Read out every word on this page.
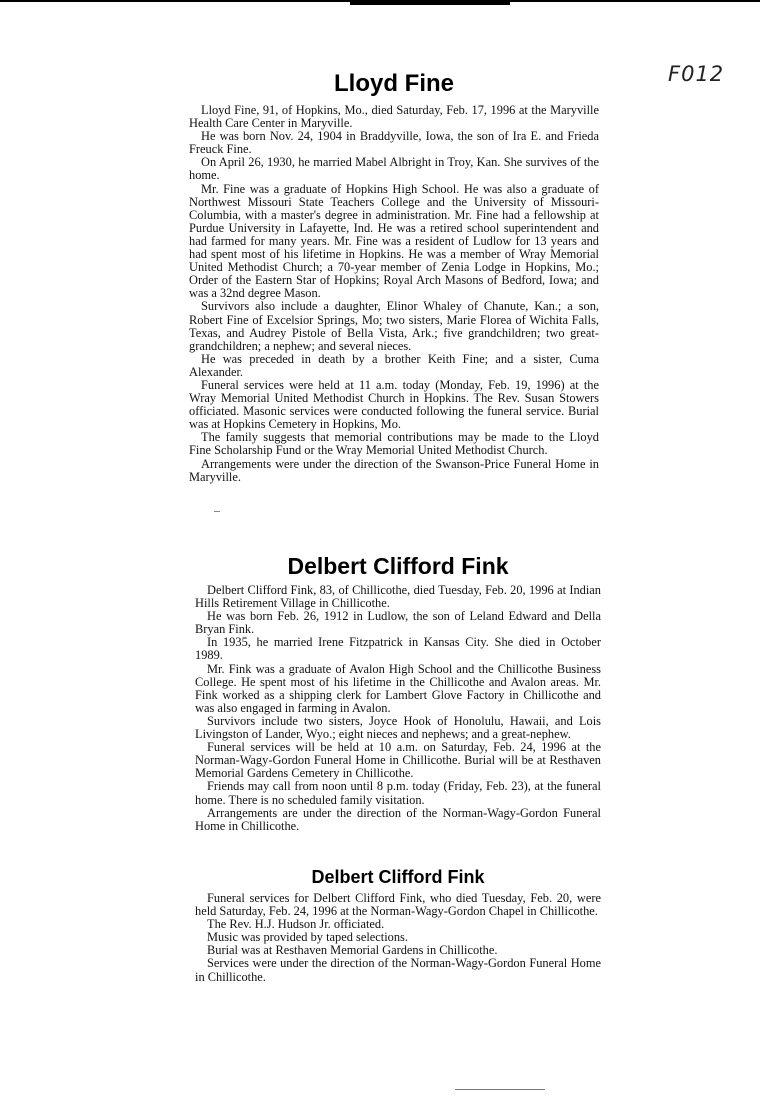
F012
Lloyd Fine

Lloyd Fine, 91, of Hopkins, Mo., died Saturday, Feb. 17, 1996 at the Maryville Health Care Center in Maryville.

He was born Nov. 24, 1904 in Braddyville, Iowa, the son of Ira E. and Frieda Freuck Fine.

On April 26, 1930, he married Mabel Albright in Troy, Kan. She survives of the home.

Mr. Fine was a graduate of Hopkins High School. He was also a graduate of Northwest Missouri State Teachers College and the University of Missouri-Columbia, with a master's degree in administration. Mr. Fine had a fellowship at Purdue University in Lafayette, Ind. He was a retired school superintendent and had farmed for many years. Mr. Fine was a resident of Ludlow for 13 years and had spent most of his lifetime in Hopkins. He was a member of Wray Memorial United Methodist Church; a 70-year member of Zenia Lodge in Hopkins, Mo.; Order of the Eastern Star of Hopkins; Royal Arch Masons of Bedford, Iowa; and was a 32nd degree Mason.

Survivors also include a daughter, Elinor Whaley of Chanute, Kan.; a son, Robert Fine of Excelsior Springs, Mo; two sisters, Marie Florea of Wichita Falls, Texas, and Audrey Pistole of Bella Vista, Ark.; five grandchildren; two great-grandchildren; a nephew; and several nieces.

He was preceded in death by a brother Keith Fine; and a sister, Cuma Alexander.

Funeral services were held at 11 a.m. today (Monday, Feb. 19, 1996) at the Wray Memorial United Methodist Church in Hopkins. The Rev. Susan Stowers officiated. Masonic services were conducted following the funeral service. Burial was at Hopkins Cemetery in Hopkins, Mo.

The family suggests that memorial contributions may be made to the Lloyd Fine Scholarship Fund or the Wray Memorial United Methodist Church.

Arrangements were under the direction of the Swanson-Price Funeral Home in Maryville.

Delbert Clifford Fink

Delbert Clifford Fink, 83, of Chillicothe, died Tuesday, Feb. 20, 1996 at Indian Hills Retirement Village in Chillicothe.

He was born Feb. 26, 1912 in Ludlow, the son of Leland Edward and Della Bryan Fink.

In 1935, he married Irene Fitzpatrick in Kansas City. She died in October 1989.

Mr. Fink was a graduate of Avalon High School and the Chillicothe Business College. He spent most of his lifetime in the Chillicothe and Avalon areas. Mr. Fink worked as a shipping clerk for Lambert Glove Factory in Chillicothe and was also engaged in farming in Avalon.

Survivors include two sisters, Joyce Hook of Honolulu, Hawaii, and Lois Livingston of Lander, Wyo.; eight nieces and nephews; and a great-nephew.

Funeral services will be held at 10 a.m. on Saturday, Feb. 24, 1996 at the Norman-Wagy-Gordon Funeral Home in Chillicothe. Burial will be at Resthaven Memorial Gardens Cemetery in Chillicothe.

Friends may call from noon until 8 p.m. today (Friday, Feb. 23), at the funeral home. There is no scheduled family visitation.

Arrangements are under the direction of the Norman-Wagy-Gordon Funeral Home in Chillicothe.

Delbert Clifford Fink

Funeral services for Delbert Clifford Fink, who died Tuesday, Feb. 20, were held Saturday, Feb. 24, 1996 at the Norman-Wagy-Gordon Chapel in Chillicothe.

The Rev. H.J. Hudson Jr. officiated.

Music was provided by taped selections.

Burial was at Resthaven Memorial Gardens in Chillicothe.

Services were under the direction of the Norman-Wagy-Gordon Funeral Home in Chillicothe.
